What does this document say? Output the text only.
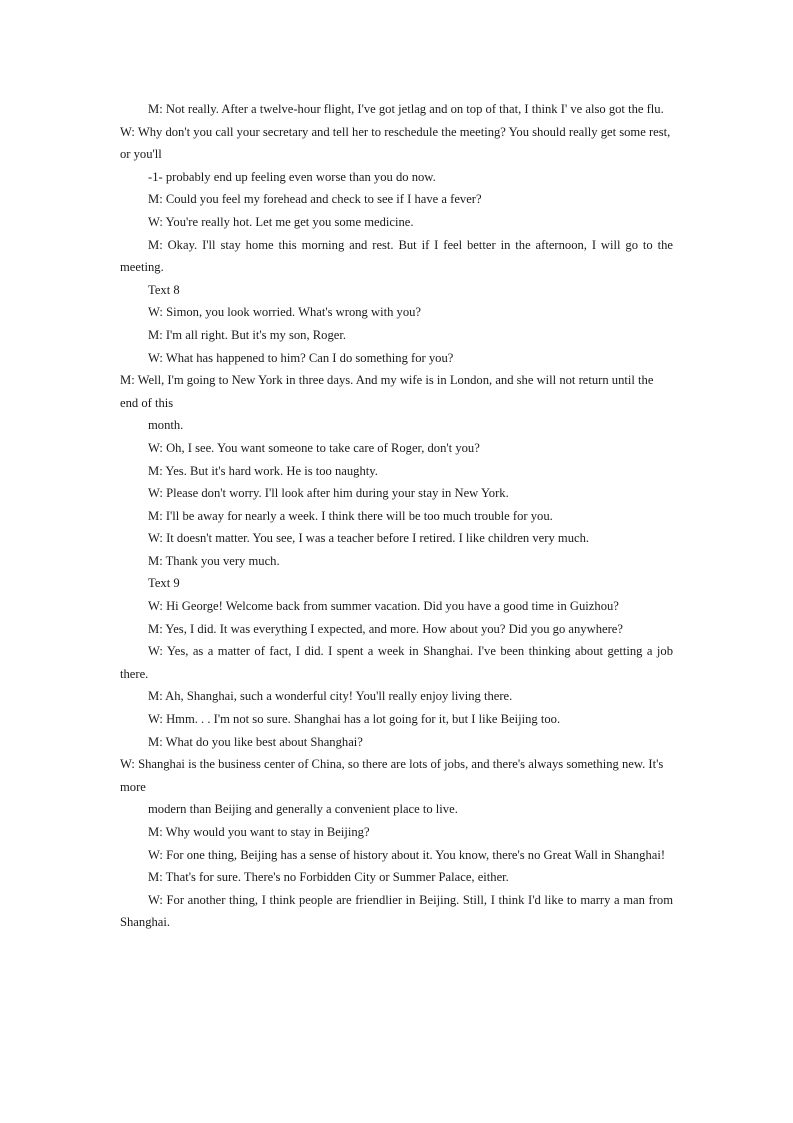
M: Not really. After a twelve-hour flight, I've got jetlag and on top of that, I think I' ve also got the flu.

W: Why don't you call your secretary and tell her to reschedule the meeting? You should really get some rest, or you'll

-1- probably end up feeling even worse than you do now.

M: Could you feel my forehead and check to see if I have a fever?

W: You're really hot. Let me get you some medicine.

M: Okay. I'll stay home this morning and rest. But if I feel better in the afternoon, I will go to the meeting.

Text 8

W: Simon, you look worried. What's wrong with you?

M: I'm all right. But it's my son, Roger.

W: What has happened to him? Can I do something for you?

M: Well, I'm going to New York in three days. And my wife is in London, and she will not return until the end of this

month.

W: Oh, I see. You want someone to take care of Roger, don't you?

M: Yes. But it's hard work. He is too naughty.

W: Please don't worry. I'll look after him during your stay in New York.

M: I'll be away for nearly a week. I think there will be too much trouble for you.

W: It doesn't matter. You see, I was a teacher before I retired. I like children very much.

M: Thank you very much.

Text 9

W: Hi George! Welcome back from summer vacation. Did you have a good time in Guizhou?

M: Yes, I did. It was everything I expected, and more. How about you? Did you go anywhere?

W: Yes, as a matter of fact, I did. I spent a week in Shanghai. I've been thinking about getting a job there.

M: Ah, Shanghai, such a wonderful city! You'll really enjoy living there.

W: Hmm. . . I'm not so sure. Shanghai has a lot going for it, but I like Beijing too.

M: What do you like best about Shanghai?

W: Shanghai is the business center of China, so there are lots of jobs, and there's always something new. It's more

modern than Beijing and generally a convenient place to live.

M: Why would you want to stay in Beijing?

W: For one thing, Beijing has a sense of history about it. You know, there's no Great Wall in Shanghai!

M: That's for sure. There's no Forbidden City or Summer Palace, either.

W: For another thing, I think people are friendlier in Beijing. Still, I think I'd like to marry a man from Shanghai.
